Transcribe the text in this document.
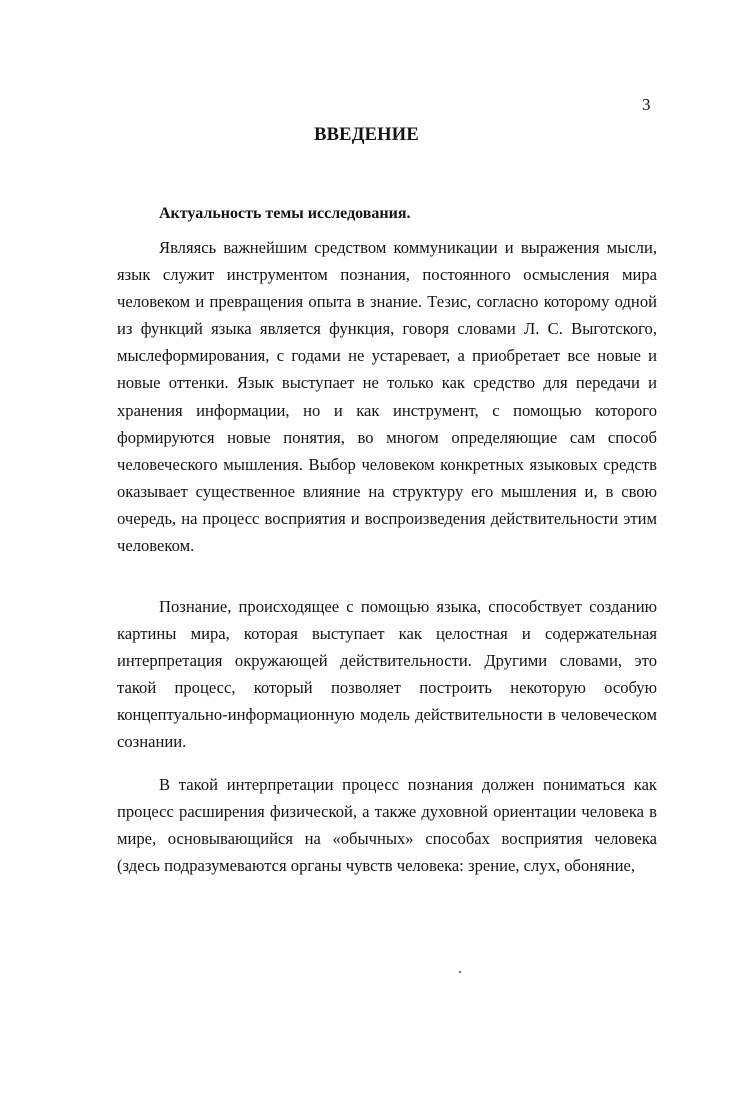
3
ВВЕДЕНИЕ
Актуальность темы исследования.

Являясь важнейшим средством коммуникации и выражения мысли, язык служит инструментом познания, постоянного осмысления мира человеком и превращения опыта в знание. Тезис, согласно которому одной из функций языка является функция, говоря словами Л. С. Выготского, мыслеформирования, с годами не устаревает, а приобретает все новые и новые оттенки. Язык выступает не только как средство для передачи и хранения информации, но и как инструмент, с помощью которого формируются новые понятия, во многом определяющие сам способ человеческого мышления. Выбор человеком конкретных языковых средств оказывает существенное влияние на структуру его мышления и, в свою очередь, на процесс восприятия и воспроизведения действительности этим человеком.

Познание, происходящее с помощью языка, способствует созданию картины мира, которая выступает как целостная и содержательная интерпретация окружающей действительности. Другими словами, это такой процесс, который позволяет построить некоторую особую концептуально-информационную модель действительности в человеческом сознании.

В такой интерпретации процесс познания должен пониматься как процесс расширения физической, а также духовной ориентации человека в мире, основывающийся на «обычных» способах восприятия человека (здесь подразумеваются органы чувств человека: зрение, слух, обоняние,
